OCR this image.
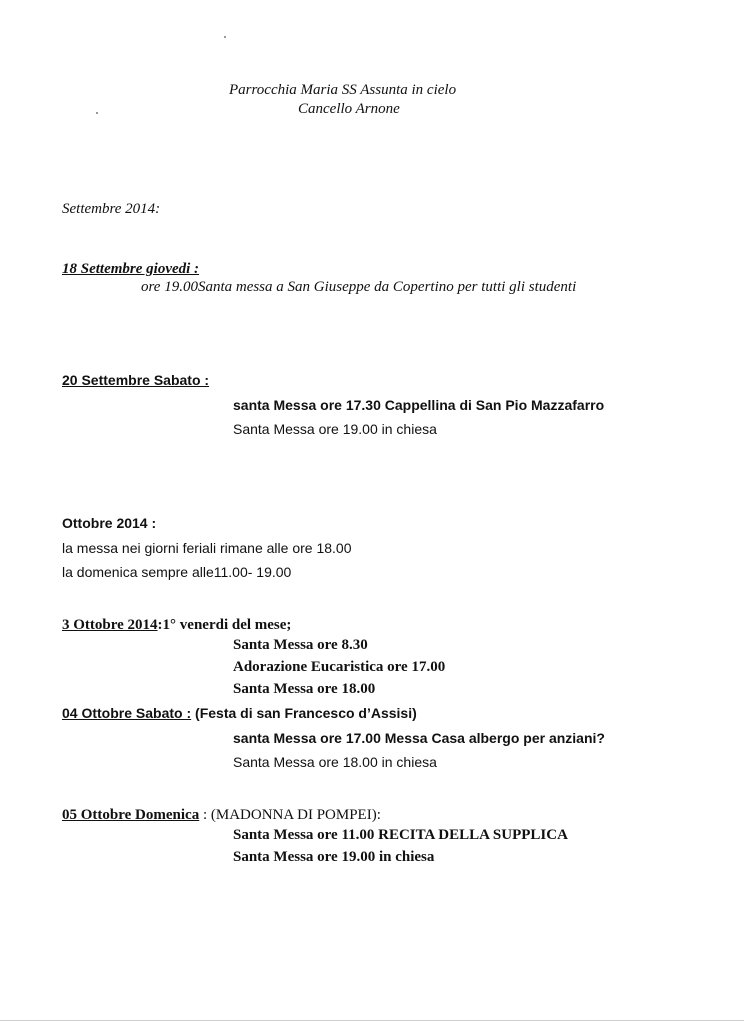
Parrocchia Maria SS Assunta in cielo
Cancello Arnone
Settembre 2014:
18 Settembre giovedi :
ore 19.00Santa messa a San Giuseppe da Copertino per tutti gli studenti
20 Settembre Sabato :
santa Messa ore 17.30 Cappellina di San Pio Mazzafarro
Santa Messa ore 19.00 in chiesa
Ottobre 2014 :
la messa nei giorni feriali rimane alle ore 18.00
la domenica sempre alle11.00- 19.00
3 Ottobre 2014:1° venerdi del mese;
Santa Messa ore 8.30
Adorazione Eucaristica ore 17.00
Santa Messa ore 18.00
04 Ottobre Sabato : (Festa di san Francesco d’Assisi)
santa Messa ore 17.00 Messa Casa albergo per anziani?
Santa Messa ore 18.00 in chiesa
05 Ottobre Domenica : (MADONNA DI POMPEI):
Santa Messa ore 11.00 RECITA DELLA SUPPLICA
Santa Messa ore 19.00 in chiesa
